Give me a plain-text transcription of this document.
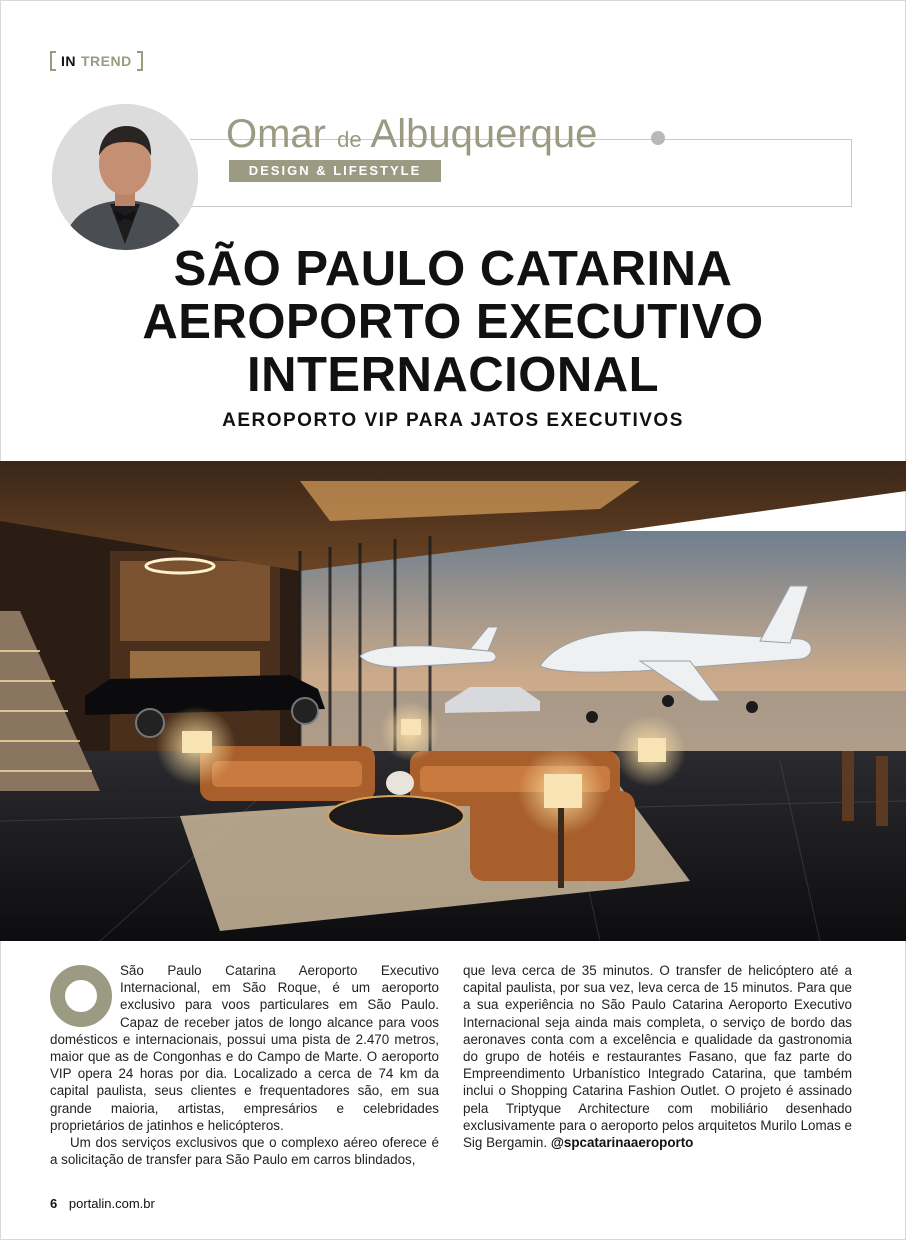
IN TREND
Omar de Albuquerque
DESIGN & LIFESTYLE
SÃO PAULO CATARINA
AEROPORTO EXECUTIVO
INTERNACIONAL
AEROPORTO VIP PARA JATOS EXECUTIVOS

São Paulo Catarina Aeroporto Executivo Internacional, em São Roque, é um aeroporto exclusivo para voos particulares em São Paulo. Capaz de receber jatos de longo alcance para voos domésticos e internacionais, possui uma pista de 2.470 metros, maior que as de Congonhas e do Campo de Marte. O aeroporto VIP opera 24 horas por dia. Localizado a cerca de 74 km da capital paulista, seus clientes e frequentadores são, em sua grande maioria, artistas, empresários e celebridades proprietários de jatinhos e helicópteros.

Um dos serviços exclusivos que o complexo aéreo oferece é a solicitação de transfer para São Paulo em carros blindados,

que leva cerca de 35 minutos. O transfer de helicóptero até a capital paulista, por sua vez, leva cerca de 15 minutos. Para que a sua experiência no São Paulo Catarina Aeroporto Executivo Internacional seja ainda mais completa, o serviço de bordo das aeronaves conta com a excelência e qualidade da gastronomia do grupo de hotéis e restaurantes Fasano, que faz parte do Empreendimento Urbanístico Integrado Catarina, que também inclui o Shopping Catarina Fashion Outlet. O projeto é assinado pela Triptyque Architecture com mobiliário desenhado exclusivamente para o aeroporto pelos arquitetos Murilo Lomas e Sig Bergamin. @spcatarinaaeroporto

6 portalin.com.br
